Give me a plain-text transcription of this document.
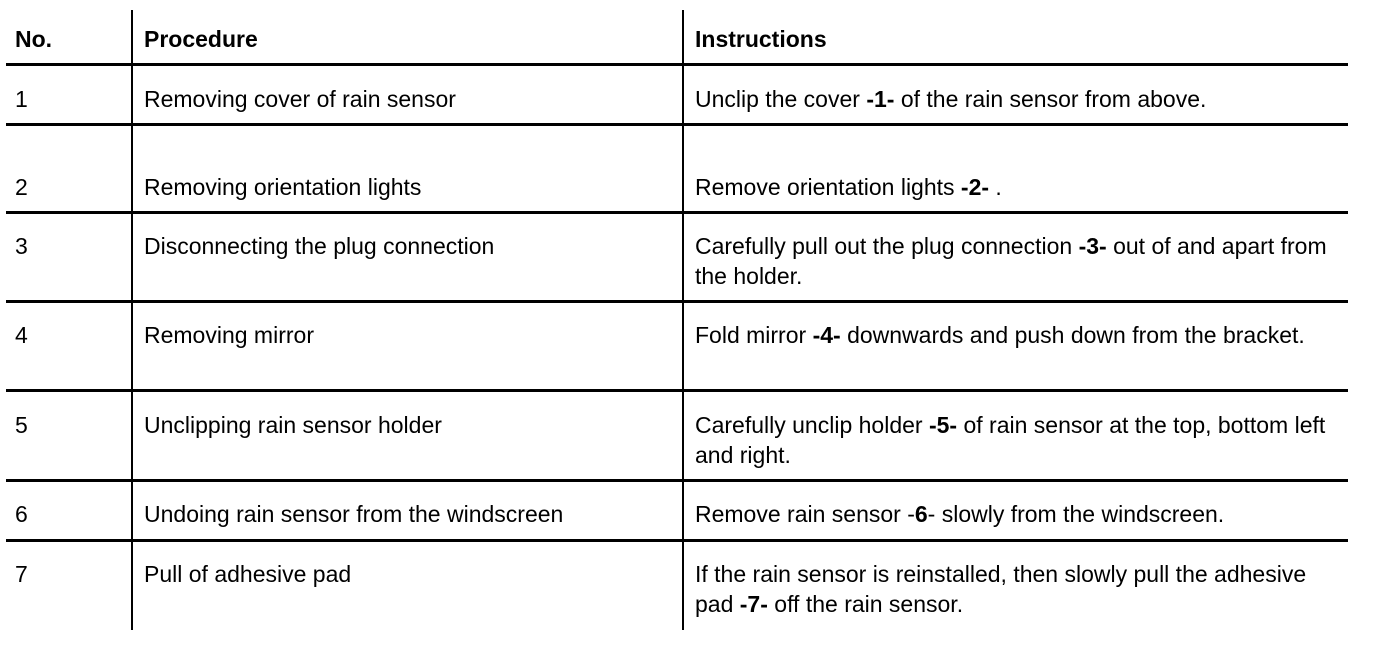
No.	Procedure	Instructions
1	Removing cover of rain sensor	Unclip the cover -1- of the rain sensor from above.
2	Removing orientation lights	Remove orientation lights -2- .
3	Disconnecting the plug connection	Carefully pull out the plug connection -3- out of and apart from the holder.
4	Removing mirror	Fold mirror -4- downwards and push down from the bracket.
5	Unclipping rain sensor holder	Carefully unclip holder -5- of rain sensor at the top, bottom left and right.
6	Undoing rain sensor from the windscreen	Remove rain sensor -6- slowly from the windscreen.
7	Pull of adhesive pad	If the rain sensor is reinstalled, then slowly pull the adhesive pad -7- off the rain sensor.
